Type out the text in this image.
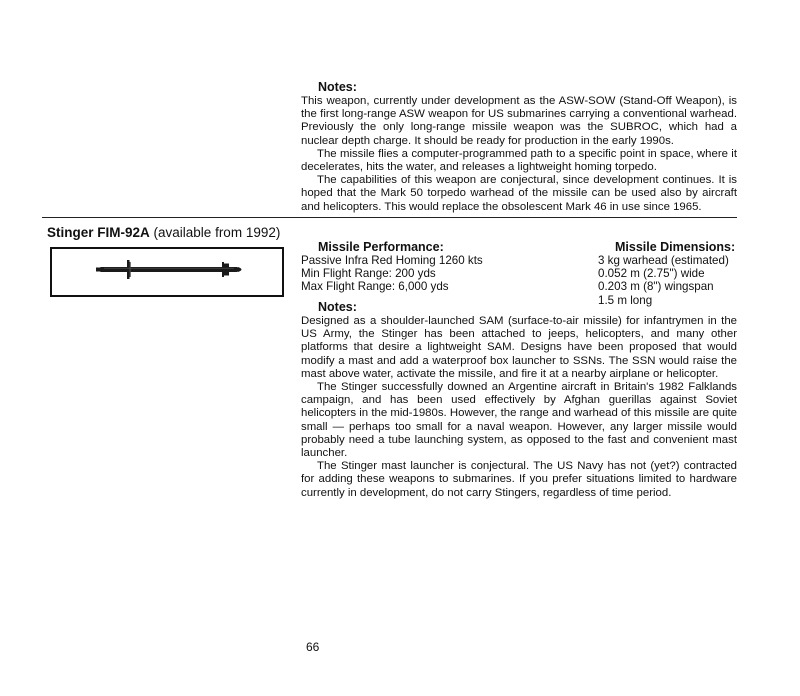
Notes:

This weapon, currently under development as the ASW-SOW (Stand-Off Weapon), is the first long-range ASW weapon for US submarines carrying a conventional warhead. Previously the only long-range missile weapon was the SUBROC, which had a nuclear depth charge. It should be ready for production in the early 1990s.

The missile flies a computer-programmed path to a specific point in space, where it decelerates, hits the water, and releases a lightweight homing torpedo.

The capabilities of this weapon are conjectural, since development continues. It is hoped that the Mark 50 torpedo warhead of the missile can be used also by aircraft and helicopters. This would replace the obsolescent Mark 46 in use since 1965.

Stinger FIM-92A (available from 1992)
Missile Performance:

Passive Infra Red Homing 1260 kts

Min Flight Range: 200 yds

Max Flight Range: 6,000 yds

Missile Dimensions:

3 kg warhead (estimated)

0.052 m (2.75") wide

0.203 m (8") wingspan

1.5 m long

Notes:

Designed as a shoulder-launched SAM (surface-to-air missile) for infantrymen in the US Army, the Stinger has been attached to jeeps, helicopters, and many other platforms that desire a lightweight SAM. Designs have been proposed that would modify a mast and add a waterproof box launcher to SSNs. The SSN would raise the mast above water, activate the missile, and fire it at a nearby airplane or helicopter.

The Stinger successfully downed an Argentine aircraft in Britain's 1982 Falklands campaign, and has been used effectively by Afghan guerillas against Soviet helicopters in the mid-1980s. However, the range and warhead of this missile are quite small — perhaps too small for a naval weapon. However, any larger missile would probably need a tube launching system, as opposed to the fast and convenient mast launcher.

The Stinger mast launcher is conjectural. The US Navy has not (yet?) contracted for adding these weapons to submarines. If you prefer situations limited to hardware currently in development, do not carry Stingers, regardless of time period.

66
